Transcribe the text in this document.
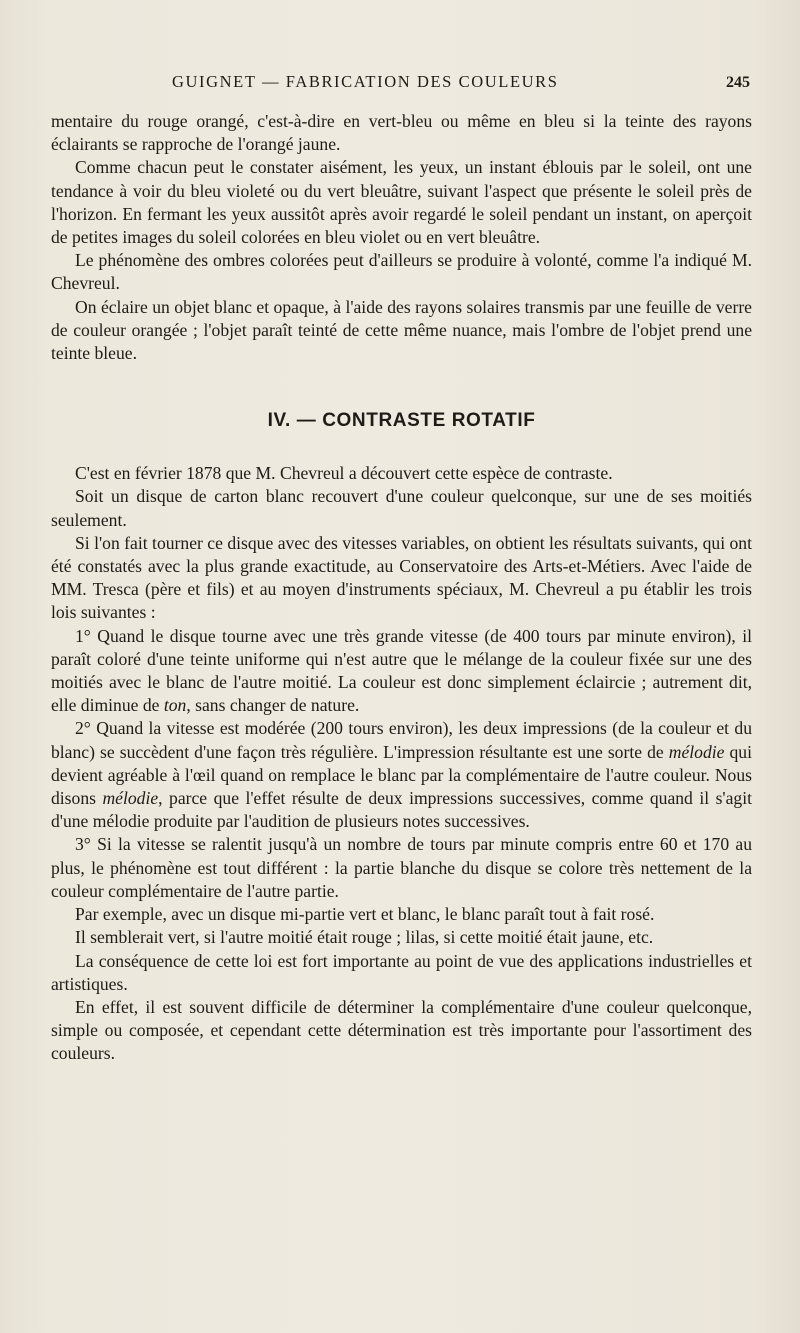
GUIGNET — FABRICATION DES COULEURS	245

mentaire du rouge orangé, c'est-à-dire en vert-bleu ou même en bleu si la teinte des rayons éclairants se rapproche de l'orangé jaune.

Comme chacun peut le constater aisément, les yeux, un instant éblouis par le soleil, ont une tendance à voir du bleu violeté ou du vert bleuâtre, suivant l'aspect que présente le soleil près de l'horizon. En fermant les yeux aussitôt après avoir regardé le soleil pendant un instant, on aperçoit de petites images du soleil colorées en bleu violet ou en vert bleuâtre.

Le phénomène des ombres colorées peut d'ailleurs se produire à volonté, comme l'a indiqué M. Chevreul.

On éclaire un objet blanc et opaque, à l'aide des rayons solaires transmis par une feuille de verre de couleur orangée ; l'objet paraît teinté de cette même nuance, mais l'ombre de l'objet prend une teinte bleue.

IV. — CONTRASTE ROTATIF

C'est en février 1878 que M. Chevreul a découvert cette espèce de contraste.

Soit un disque de carton blanc recouvert d'une couleur quelconque, sur une de ses moitiés seulement.

Si l'on fait tourner ce disque avec des vitesses variables, on obtient les résultats suivants, qui ont été constatés avec la plus grande exactitude, au Conservatoire des Arts-et-Métiers. Avec l'aide de MM. Tresca (père et fils) et au moyen d'instruments spéciaux, M. Chevreul a pu établir les trois lois suivantes :

1° Quand le disque tourne avec une très grande vitesse (de 400 tours par minute environ), il paraît coloré d'une teinte uniforme qui n'est autre que le mélange de la couleur fixée sur une des moitiés avec le blanc de l'autre moitié. La couleur est donc simplement éclaircie ; autrement dit, elle diminue de ton, sans changer de nature.

2° Quand la vitesse est modérée (200 tours environ), les deux impressions (de la couleur et du blanc) se succèdent d'une façon très régulière. L'impression résultante est une sorte de mélodie qui devient agréable à l'œil quand on remplace le blanc par la complémentaire de l'autre couleur. Nous disons mélodie, parce que l'effet résulte de deux impressions successives, comme quand il s'agit d'une mélodie produite par l'audition de plusieurs notes successives.

3° Si la vitesse se ralentit jusqu'à un nombre de tours par minute compris entre 60 et 170 au plus, le phénomène est tout différent : la partie blanche du disque se colore très nettement de la couleur complémentaire de l'autre partie.

Par exemple, avec un disque mi-partie vert et blanc, le blanc paraît tout à fait rosé.

Il semblerait vert, si l'autre moitié était rouge ; lilas, si cette moitié était jaune, etc.

La conséquence de cette loi est fort importante au point de vue des applications industrielles et artistiques.

En effet, il est souvent difficile de déterminer la complémentaire d'une couleur quelconque, simple ou composée, et cependant cette détermination est très importante pour l'assortiment des couleurs.
